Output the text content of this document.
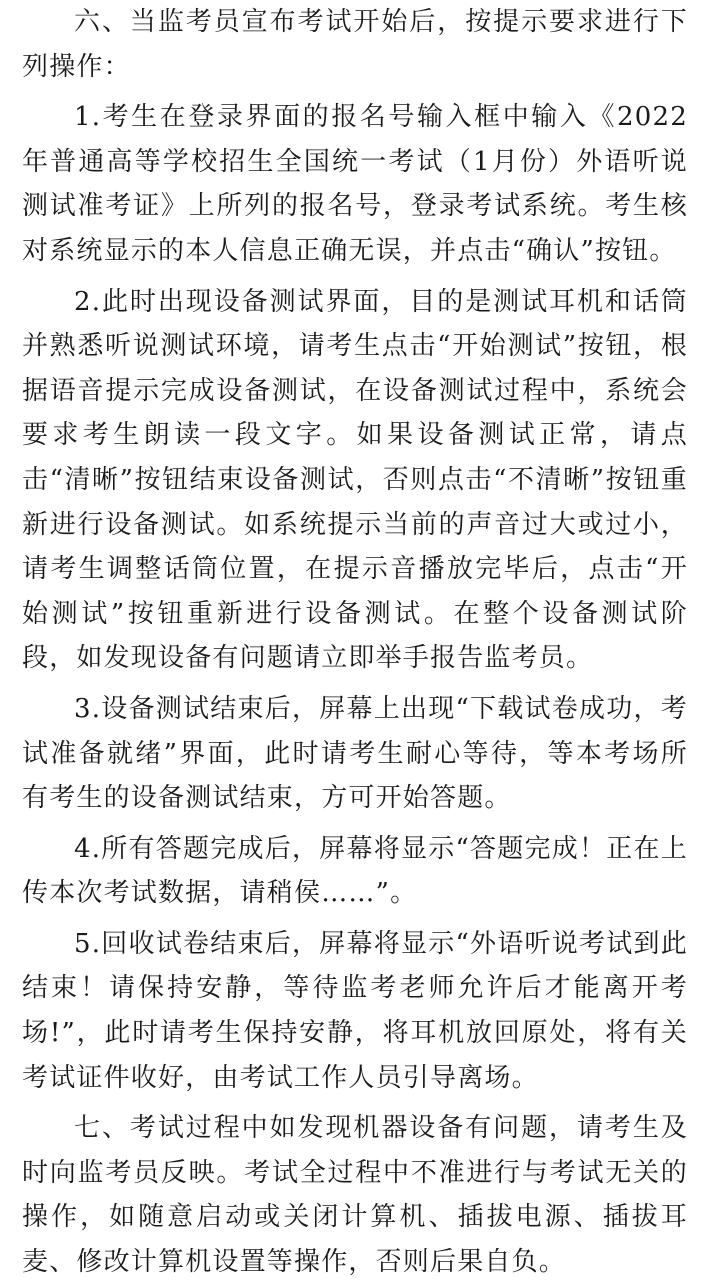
六、当监考员宣布考试开始后，按提示要求进行下列操作：

1.考生在登录界面的报名号输入框中输入《2022年普通高等学校招生全国统一考试（1月份）外语听说测试准考证》上所列的报名号，登录考试系统。考生核对系统显示的本人信息正确无误，并点击“确认”按钮。

2.此时出现设备测试界面，目的是测试耳机和话筒并熟悉听说测试环境，请考生点击“开始测试”按钮，根据语音提示完成设备测试，在设备测试过程中，系统会要求考生朗读一段文字。如果设备测试正常，请点击“清晰”按钮结束设备测试，否则点击“不清晰”按钮重新进行设备测试。如系统提示当前的声音过大或过小，请考生调整话筒位置，在提示音播放完毕后，点击“开始测试”按钮重新进行设备测试。在整个设备测试阶段，如发现设备有问题请立即举手报告监考员。

3.设备测试结束后，屏幕上出现“下载试卷成功，考试准备就绪”界面，此时请考生耐心等待，等本考场所有考生的设备测试结束，方可开始答题。

4.所有答题完成后，屏幕将显示“答题完成！正在上传本次考试数据，请稍侯……”。

5.回收试卷结束后，屏幕将显示“外语听说考试到此结束！请保持安静，等待监考老师允许后才能离开考场!”，此时请考生保持安静，将耳机放回原处，将有关考试证件收好，由考试工作人员引导离场。

七、考试过程中如发现机器设备有问题，请考生及时向监考员反映。考试全过程中不准进行与考试无关的操作，如随意启动或关闭计算机、插拔电源、插拔耳麦、修改计算机设置等操作，否则后果自负。
